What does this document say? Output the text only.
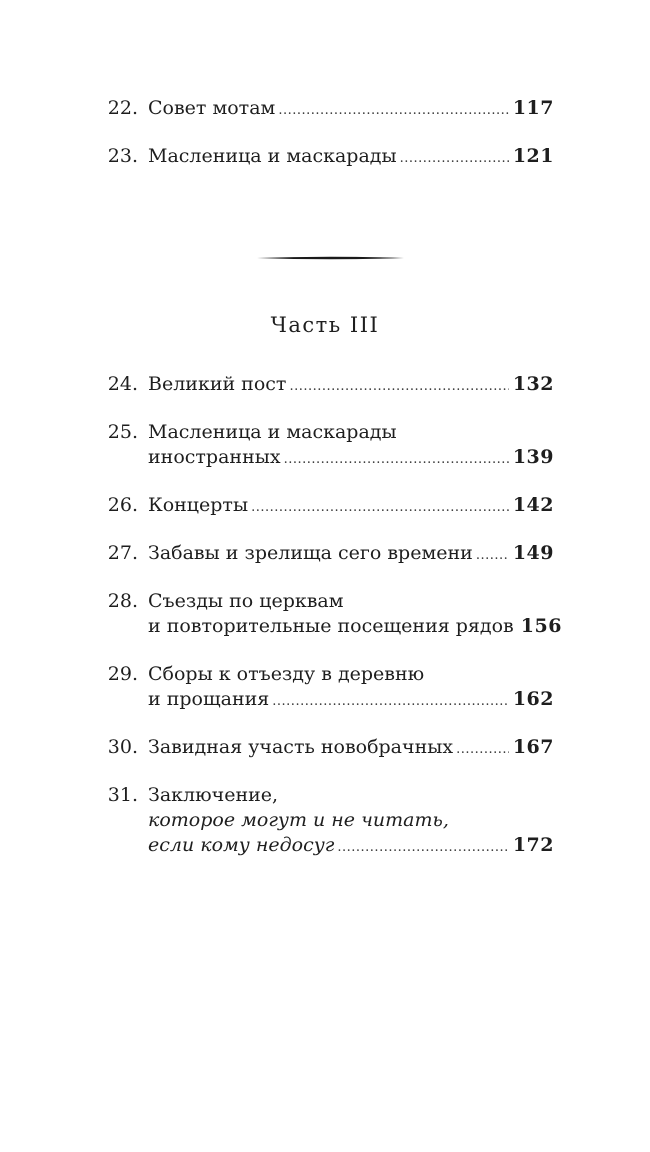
22. Совет мотам .....	117
23. Масленица и маскарады .....	121
Часть III
24. Великий пост .....	132
25. Масленица и маскарады
иностранных .....	139
26. Концерты .....	142
27. Забавы и зрелища сего времени ..... 149
28. Съезды по церквам
и повторительные посещения рядов 156
29. Сборы к отъезду в деревню
и прощания .....	162
30. Завидная участь новобрачных .....	167
31. Заключение,
которое могут и не читать,
если кому недосуг .....	172
